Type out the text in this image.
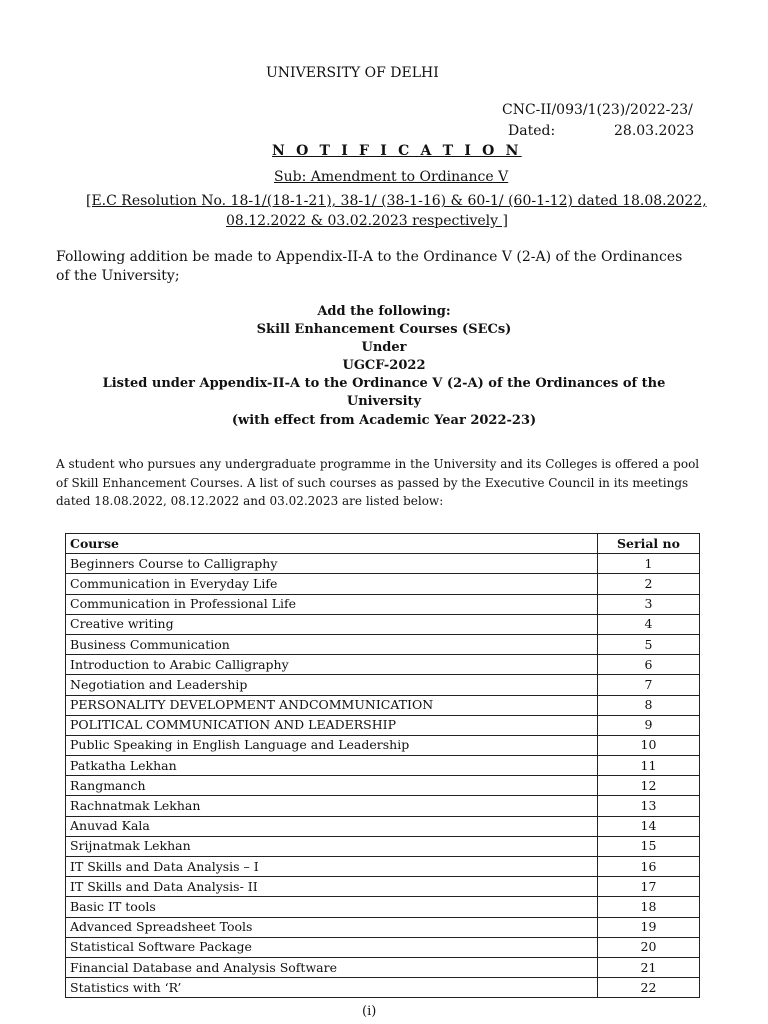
UNIVERSITY OF DELHI
CNC-II/093/1(23)/2022-23/
Dated:	28.03.2023
N O T I F I C A T I O N
Sub: Amendment to Ordinance V
[E.C Resolution No. 18-1/(18-1-21), 38-1/ (38-1-16) & 60-1/ (60-1-12) dated 18.08.2022,
08.12.2022 & 03.02.2023 respectively ]
Following addition be made to Appendix-II-A to the Ordinance V (2-A) of the Ordinances of the University;
Add the following:
Skill Enhancement Courses (SECs)
Under
UGCF-2022
Listed under Appendix-II-A to the Ordinance V (2-A) of the Ordinances of the
University
(with effect from Academic Year 2022-23)
A student who pursues any undergraduate programme in the University and its Colleges is offered a pool of Skill Enhancement Courses. A list of such courses as passed by the Executive Council in its meetings dated 18.08.2022, 08.12.2022 and 03.02.2023 are listed below:
Course	Serial no
Beginners Course to Calligraphy	1
Communication in Everyday Life	2
Communication in Professional Life	3
Creative writing	4
Business Communication	5
Introduction to Arabic Calligraphy	6
Negotiation and Leadership	7
PERSONALITY DEVELOPMENT ANDCOMMUNICATION	8
POLITICAL COMMUNICATION AND LEADERSHIP	9
Public Speaking in English Language and Leadership	10
Patkatha Lekhan	11
Rangmanch	12
Rachnatmak Lekhan	13
Anuvad Kala	14
Srijnatmak Lekhan	15
IT Skills and Data Analysis – I	16
IT Skills and Data Analysis- II	17
Basic IT tools	18
Advanced Spreadsheet Tools	19
Statistical Software Package	20
Financial Database and Analysis Software	21
Statistics with ‘R’	22
(i)
